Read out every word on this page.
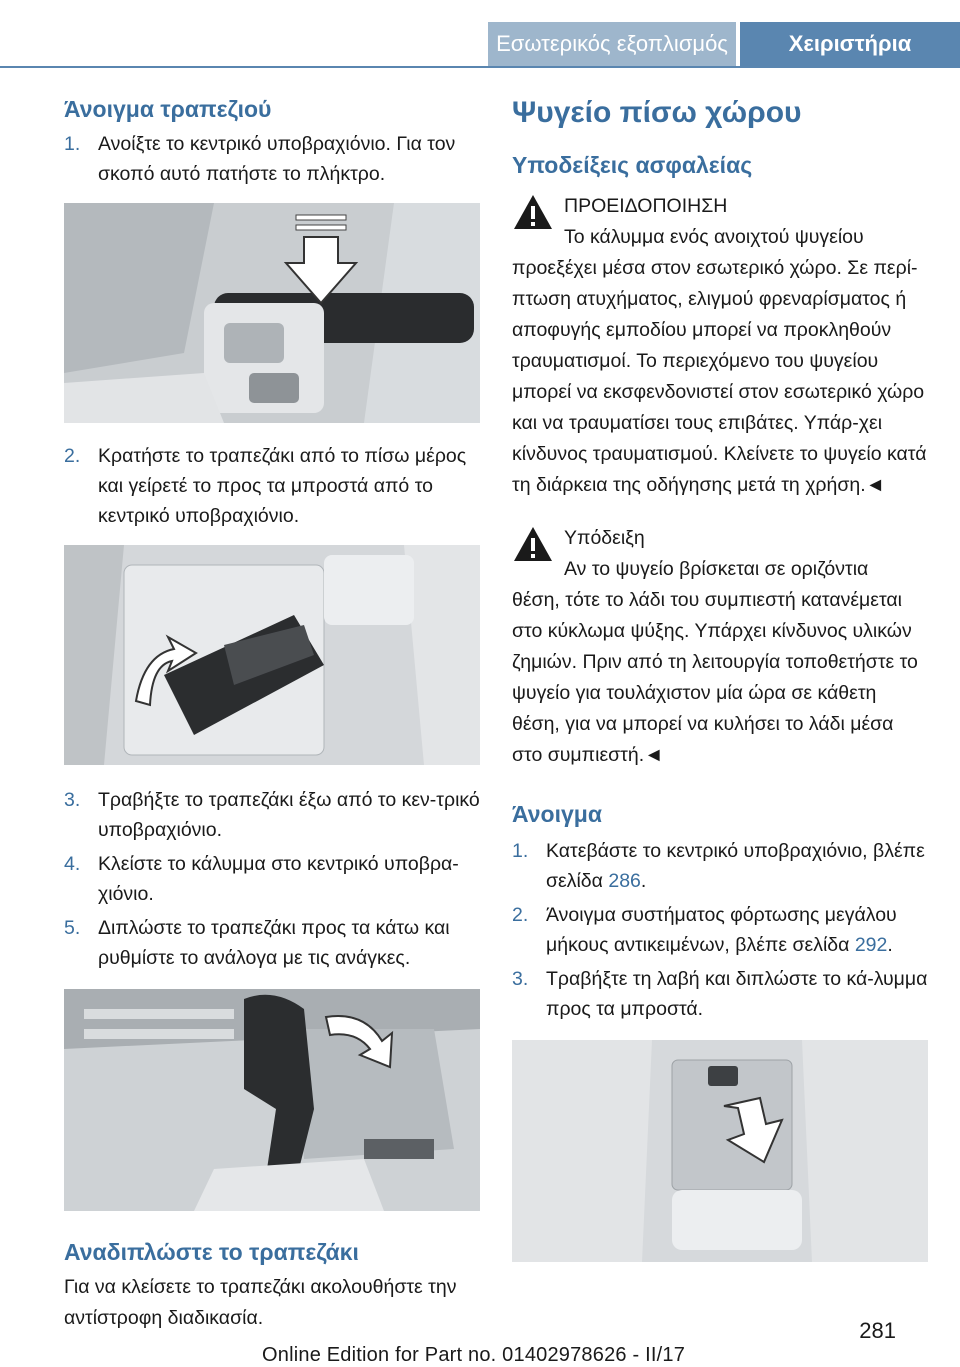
Εσωτερικός εξοπλισμός	Χειριστήρια
Άνοιγμα τραπεζιού
1. Ανοίξτε το κεντρικό υποβραχιόνιο. Για τον σκοπό αυτό πατήστε το πλήκτρο.
2. Κρατήστε το τραπεζάκι από το πίσω μέρος και γείρετέ το προς τα μπροστά από το κεντρικό υποβραχιόνιο.
3. Τραβήξτε το τραπεζάκι έξω από το κεν-τρικό υποβραχιόνιο.
4. Κλείστε το κάλυμμα στο κεντρικό υποβρα-χιόνιο.
5. Διπλώστε το τραπεζάκι προς τα κάτω και ρυθμίστε το ανάλογα με τις ανάγκες.
Αναδιπλώστε το τραπεζάκι

Για να κλείσετε το τραπεζάκι ακολουθήστε την αντίστροφη διαδικασία.

Ψυγείο πίσω χώρου
Υποδείξεις ασφαλείας
ΠΡΟΕΙΔΟΠΟΙΗΣΗ
Το κάλυμμα ενός ανοιχτού ψυγείου

προεξέχει μέσα στον εσωτερικό χώρο. Σε περί-πτωση ατυχήματος, ελιγμού φρεναρίσματος ή αποφυγής εμποδίου μπορεί να προκληθούν τραυματισμοί. Το περιεχόμενο του ψυγείου μπορεί να εκσφενδονιστεί στον εσωτερικό χώρο και να τραυματίσει τους επιβάτες. Υπάρ-χει κίνδυνος τραυματισμού. Κλείνετε το ψυγείο κατά τη διάρκεια της οδήγησης μετά τη χρήση.◄

Υπόδειξη
Αν το ψυγείο βρίσκεται σε οριζόντια

θέση, τότε το λάδι του συμπιεστή κατανέμεται στο κύκλωμα ψύξης. Υπάρχει κίνδυνος υλικών ζημιών. Πριν από τη λειτουργία τοποθετήστε το ψυγείο για τουλάχιστον μία ώρα σε κάθετη θέση, για να μπορεί να κυλήσει το λάδι μέσα στο συμπιεστή.◄

Άνοιγμα
1. Κατεβάστε το κεντρικό υποβραχιόνιο, βλέπε σελίδα 286.
2. Άνοιγμα συστήματος φόρτωσης μεγάλου μήκους αντικειμένων, βλέπε σελίδα 292.
3. Τραβήξτε τη λαβή και διπλώστε το κά-λυμμα προς τα μπροστά.
281
Online Edition for Part no. 01402978626 - II/17
